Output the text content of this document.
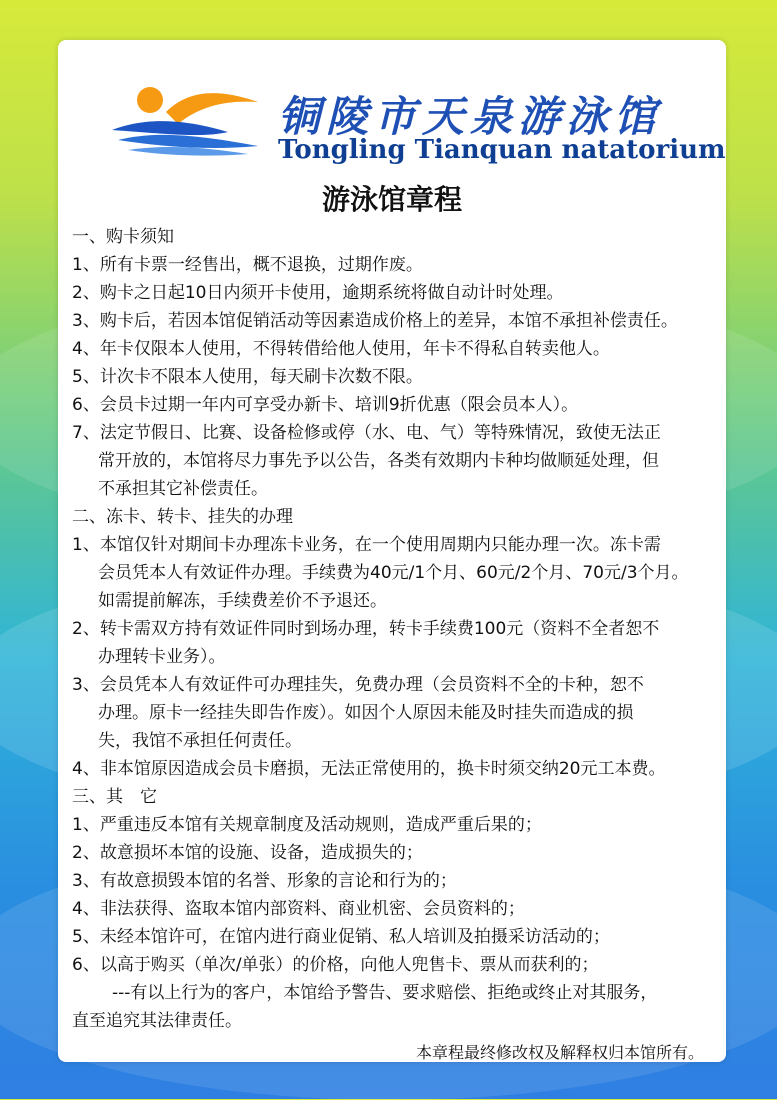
铜陵市天泉游泳馆
Tongling Tianquan natatorium
游泳馆章程
一、购卡须知
1、所有卡票一经售出，概不退换，过期作废。
2、购卡之日起10日内须开卡使用，逾期系统将做自动计时处理。
3、购卡后，若因本馆促销活动等因素造成价格上的差异，本馆不承担补偿责任。
4、年卡仅限本人使用，不得转借给他人使用，年卡不得私自转卖他人。
5、计次卡不限本人使用，每天刷卡次数不限。
6、会员卡过期一年内可享受办新卡、培训9折优惠（限会员本人）。
7、法定节假日、比赛、设备检修或停（水、电、气）等特殊情况，致使无法正
常开放的，本馆将尽力事先予以公告，各类有效期内卡种均做顺延处理，但
不承担其它补偿责任。
二、冻卡、转卡、挂失的办理
1、本馆仅针对期间卡办理冻卡业务，在一个使用周期内只能办理一次。冻卡需
会员凭本人有效证件办理。手续费为40元/1个月、60元/2个月、70元/3个月。
如需提前解冻，手续费差价不予退还。
2、转卡需双方持有效证件同时到场办理，转卡手续费100元（资料不全者恕不
办理转卡业务）。
3、会员凭本人有效证件可办理挂失，免费办理（会员资料不全的卡种，恕不
办理。原卡一经挂失即告作废）。如因个人原因未能及时挂失而造成的损
失，我馆不承担任何责任。
4、非本馆原因造成会员卡磨损，无法正常使用的，换卡时须交纳20元工本费。
三、其　它
1、严重违反本馆有关规章制度及活动规则，造成严重后果的；
2、故意损坏本馆的设施、设备，造成损失的；
3、有故意损毁本馆的名誉、形象的言论和行为的；
4、非法获得、盗取本馆内部资料、商业机密、会员资料的；
5、未经本馆许可，在馆内进行商业促销、私人培训及拍摄采访活动的；
6、以高于购买（单次/单张）的价格，向他人兜售卡、票从而获利的；
---有以上行为的客户，本馆给予警告、要求赔偿、拒绝或终止对其服务，
直至追究其法律责任。
本章程最终修改权及解释权归本馆所有。
